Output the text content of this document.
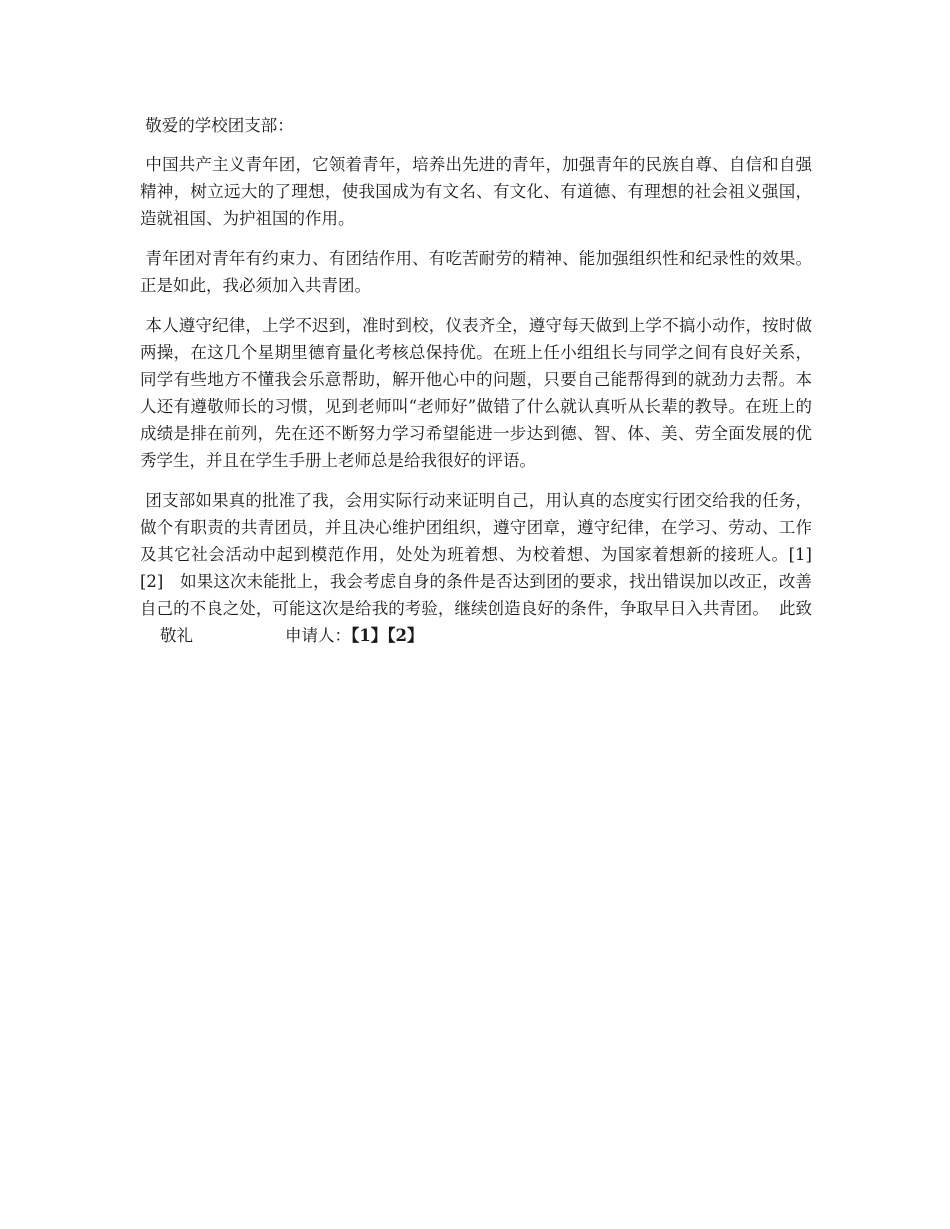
敬爱的学校团支部：

中国共产主义青年团，它领着青年，培养出先进的青年，加强青年的民族自尊、自信和自强精神，树立远大的了理想，使我国成为有文名、有文化、有道德、有理想的社会祖义强国，造就祖国、为护祖国的作用。

青年团对青年有约束力、有团结作用、有吃苦耐劳的精神、能加强组织性和纪录性的效果。正是如此，我必须加入共青团。

本人遵守纪律，上学不迟到，准时到校，仪表齐全，遵守每天做到上学不搞小动作，按时做两操，在这几个星期里德育量化考核总保持优。在班上任小组组长与同学之间有良好关系，同学有些地方不懂我会乐意帮助，解开他心中的问题，只要自己能帮得到的就劲力去帮。本人还有遵敬师长的习惯，见到老师叫“老师好”做错了什么就认真听从长辈的教导。在班上的成绩是排在前列，先在还不断努力学习希望能进一步达到德、智、体、美、劳全面发展的优秀学生，并且在学生手册上老师总是给我很好的评语。

团支部如果真的批准了我，会用实际行动来证明自己，用认真的态度实行团交给我的任务，做个有职责的共青团员，并且决心维护团组织，遵守团章，遵守纪律，在学习、劳动、工作及其它社会活动中起到模范作用，处处为班着想、为校着想、为国家着想新的接班人。[1][2]　如果这次未能批上，我会考虑自身的条件是否达到团的要求，找出错误加以改正，改善自己的不良之处，可能这次是给我的考验，继续创造良好的条件，争取早日入共青团。 此致敬礼	申请人：【1】【2】
